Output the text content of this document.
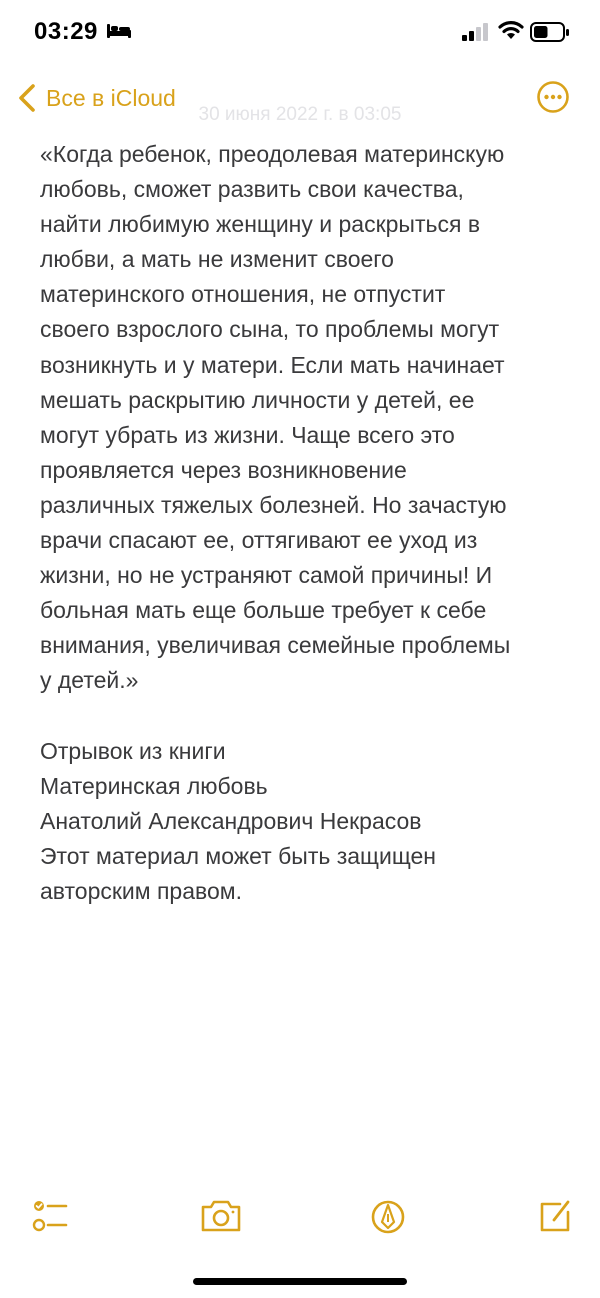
03:29
Все в iCloud
30 июня 2022 г. в 03:05

«Когда ребенок, преодолевая материнскую
любовь, сможет развить свои качества,
найти любимую женщину и раскрыться в
любви, а мать не изменит своего
материнского отношения, не отпустит
своего взрослого сына, то проблемы могут
возникнуть и у матери. Если мать начинает
мешать раскрытию личности у детей, ее
могут убрать из жизни. Чаще всего это
проявляется через возникновение
различных тяжелых болезней. Но зачастую
врачи спасают ее, оттягивают ее уход из
жизни, но не устраняют самой причины! И
больная мать еще больше требует к себе
внимания, увеличивая семейные проблемы
у детей.»

Отрывок из книги
Материнская любовь
Анатолий Александрович Некрасов
Этот материал может быть защищен
авторским правом.
